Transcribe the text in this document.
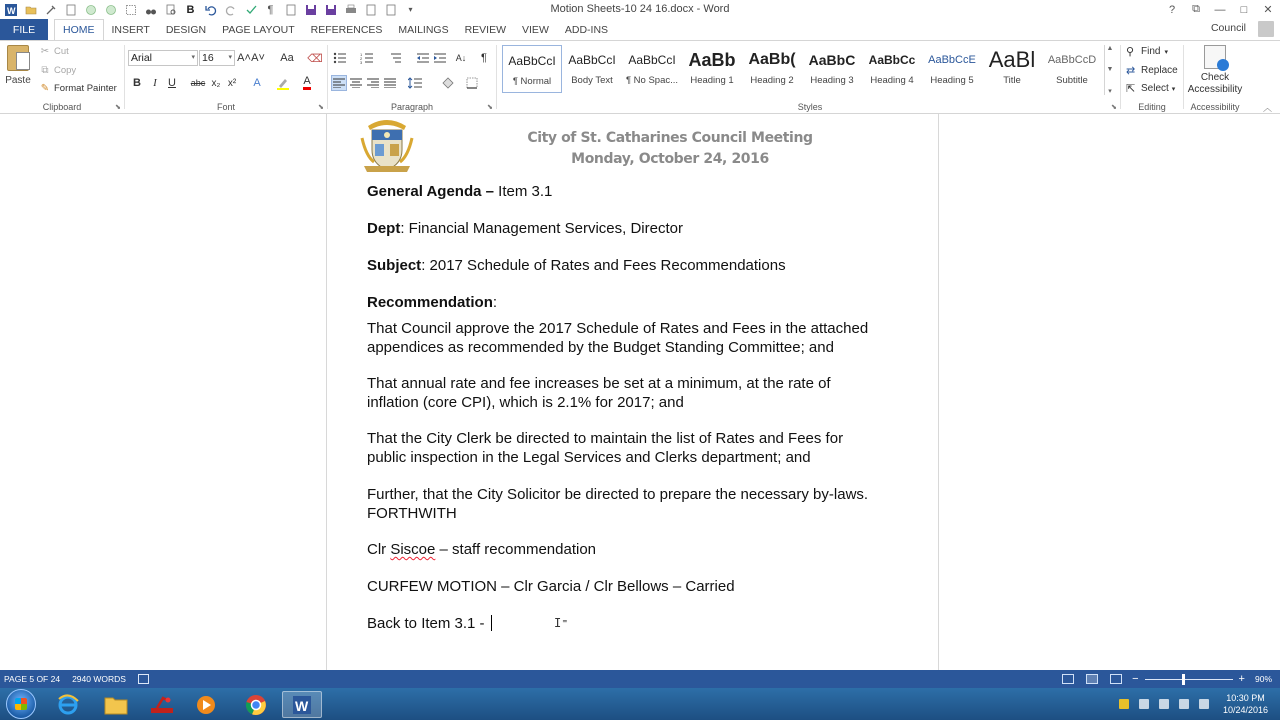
W	B	¶	▾	Motion Sheets-10 24 16.docx - Word	?	⧉	—	□	✕
FILE	HOME	INSERT	DESIGN	PAGE LAYOUT	REFERENCES	MAILINGS	REVIEW	VIEW	ADD-INS	Council
Paste
✂ Cut
⧉ Copy
✎ Format Painter
Clipboard	⬊	Font	⬊
Arial	▾ 16 ▾ A˄ A˅ Aa ⌫
B	I	U abc x₂ x²	A	A
Paragraph	⬊
1
2
3	A↓ ¶	AaBbCcI
¶ Normal
AaBbCcI
Body Text
AaBbCcI
¶ No Spac...
AaBb
Heading 1
AaBb(
Heading 2
AaBbC
Heading 3
AaBbCc
Heading 4
AaBbCcE
Heading 5
AaBl
Title
AaBbCcD
Subtitle
▲
▼
▾
Styles	⬊
⚲ Find ▾
⇄ Replace
⇱ Select ▾
Editing
Check
Accessibility
Accessibility	︿
City of St. Catharines Council Meeting
Monday, October 24, 2016
General Agenda – Item 3.1
Dept: Financial Management Services, Director
Subject: 2017 Schedule of Rates and Fees Recommendations
Recommendation:
That Council approve the 2017 Schedule of Rates and Fees in the attached
appendices as recommended by the Budget Standing Committee; and
That annual rate and fee increases be set at a minimum, at the rate of
inflation (core CPI), which is 2.1% for 2017; and
That the City Clerk be directed to maintain the list of Rates and Fees for
public inspection in the Legal Services and Clerks department; and
Further, that the City Solicitor be directed to prepare the necessary by-laws.
FORTHWITH
Clr Siscoe – staff recommendation
CURFEW MOTION – Clr Garcia / Clr Bellows – Carried
Back to Item 3.1 -	I⁼
PAGE 5 OF 24 2940 WORDS	−	+ 90%
W	10:30 PM
10/24/2016
